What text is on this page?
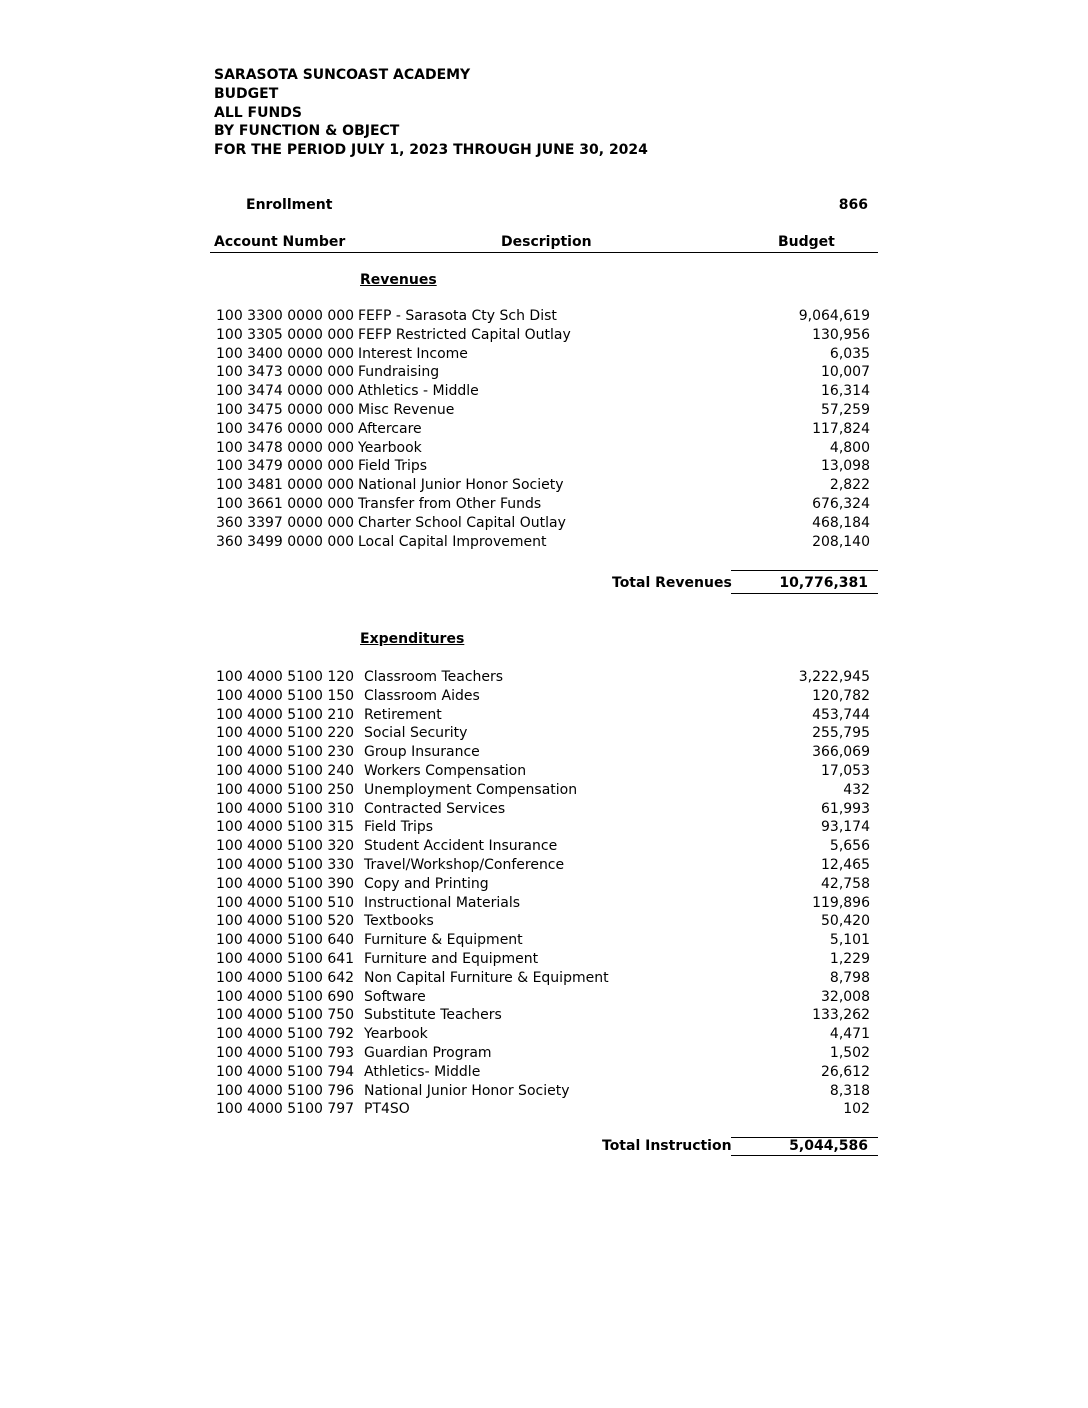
SARASOTA SUNCOAST ACADEMY
BUDGET
ALL FUNDS
BY FUNCTION & OBJECT
FOR THE PERIOD JULY 1, 2023 THROUGH JUNE 30, 2024
Enrollment	866
Account Number	Description	Budget
Revenues
100 3300 0000 000 FEFP - Sarasota Cty Sch Dist	9,064,619
100 3305 0000 000 FEFP Restricted Capital Outlay	130,956
100 3400 0000 000 Interest Income	6,035
100 3473 0000 000 Fundraising	10,007
100 3474 0000 000 Athletics - Middle	16,314
100 3475 0000 000 Misc Revenue	57,259
100 3476 0000 000 Aftercare	117,824
100 3478 0000 000 Yearbook	4,800
100 3479 0000 000 Field Trips	13,098
100 3481 0000 000 National Junior Honor Society	2,822
100 3661 0000 000 Transfer from Other Funds	676,324
360 3397 0000 000 Charter School Capital Outlay	468,184
360 3499 0000 000 Local Capital Improvement	208,140
Total Revenues	10,776,381
Expenditures
100 4000 5100 120 Classroom Teachers	3,222,945
100 4000 5100 150 Classroom Aides	120,782
100 4000 5100 210 Retirement	453,744
100 4000 5100 220 Social Security	255,795
100 4000 5100 230 Group Insurance	366,069
100 4000 5100 240 Workers Compensation	17,053
100 4000 5100 250 Unemployment Compensation	432
100 4000 5100 310 Contracted Services	61,993
100 4000 5100 315 Field Trips	93,174
100 4000 5100 320 Student Accident Insurance	5,656
100 4000 5100 330 Travel/Workshop/Conference	12,465
100 4000 5100 390 Copy and Printing	42,758
100 4000 5100 510 Instructional Materials	119,896
100 4000 5100 520 Textbooks	50,420
100 4000 5100 640 Furniture & Equipment	5,101
100 4000 5100 641 Furniture and Equipment	1,229
100 4000 5100 642 Non Capital Furniture & Equipment	8,798
100 4000 5100 690 Software	32,008
100 4000 5100 750 Substitute Teachers	133,262
100 4000 5100 792 Yearbook	4,471
100 4000 5100 793 Guardian Program	1,502
100 4000 5100 794 Athletics- Middle	26,612
100 4000 5100 796 National Junior Honor Society	8,318
100 4000 5100 797 PT4SO	102
Total Instruction	5,044,586
